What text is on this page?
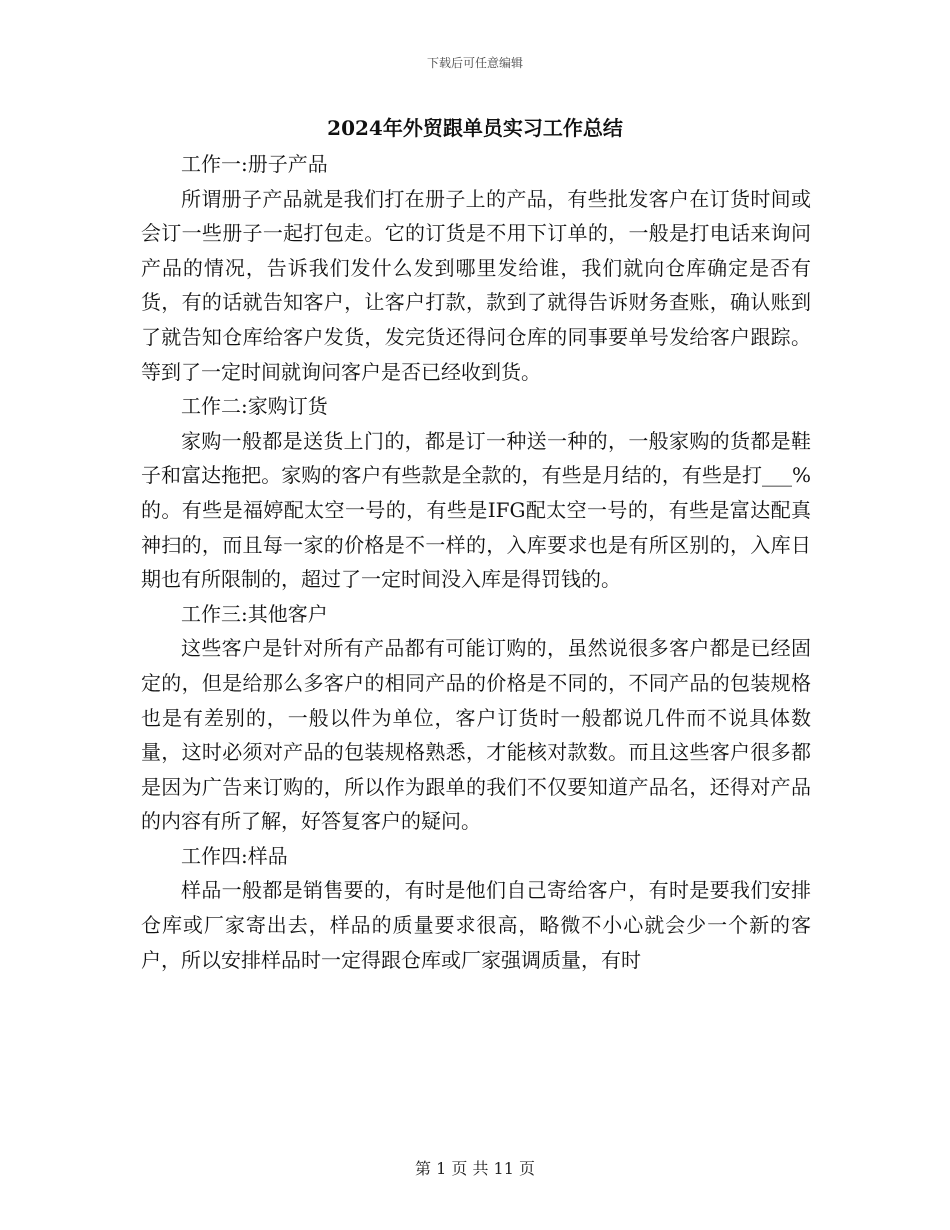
下载后可任意编辑
2024年外贸跟单员实习工作总结

工作一:册子产品

所谓册子产品就是我们打在册子上的产品，有些批发客户在订货时间或会订一些册子一起打包走。它的订货是不用下订单的，一般是打电话来询问产品的情况，告诉我们发什么发到哪里发给谁，我们就向仓库确定是否有货，有的话就告知客户，让客户打款，款到了就得告诉财务查账，确认账到了就告知仓库给客户发货，发完货还得问仓库的同事要单号发给客户跟踪。等到了一定时间就询问客户是否已经收到货。

工作二:家购订货

家购一般都是送货上门的，都是订一种送一种的，一般家购的货都是鞋子和富达拖把。家购的客户有些款是全款的，有些是月结的，有些是打___%的。有些是福婷配太空一号的，有些是IFG配太空一号的，有些是富达配真神扫的，而且每一家的价格是不一样的，入库要求也是有所区别的，入库日期也有所限制的，超过了一定时间没入库是得罚钱的。

工作三:其他客户

这些客户是针对所有产品都有可能订购的，虽然说很多客户都是已经固定的，但是给那么多客户的相同产品的价格是不同的，不同产品的包装规格也是有差别的，一般以件为单位，客户订货时一般都说几件而不说具体数量，这时必须对产品的包装规格熟悉，才能核对款数。而且这些客户很多都是因为广告来订购的，所以作为跟单的我们不仅要知道产品名，还得对产品的内容有所了解，好答复客户的疑问。

工作四:样品

样品一般都是销售要的，有时是他们自己寄给客户，有时是要我们安排仓库或厂家寄出去，样品的质量要求很高，略微不小心就会少一个新的客户，所以安排样品时一定得跟仓库或厂家强调质量，有时

第 1 页 共 11 页
